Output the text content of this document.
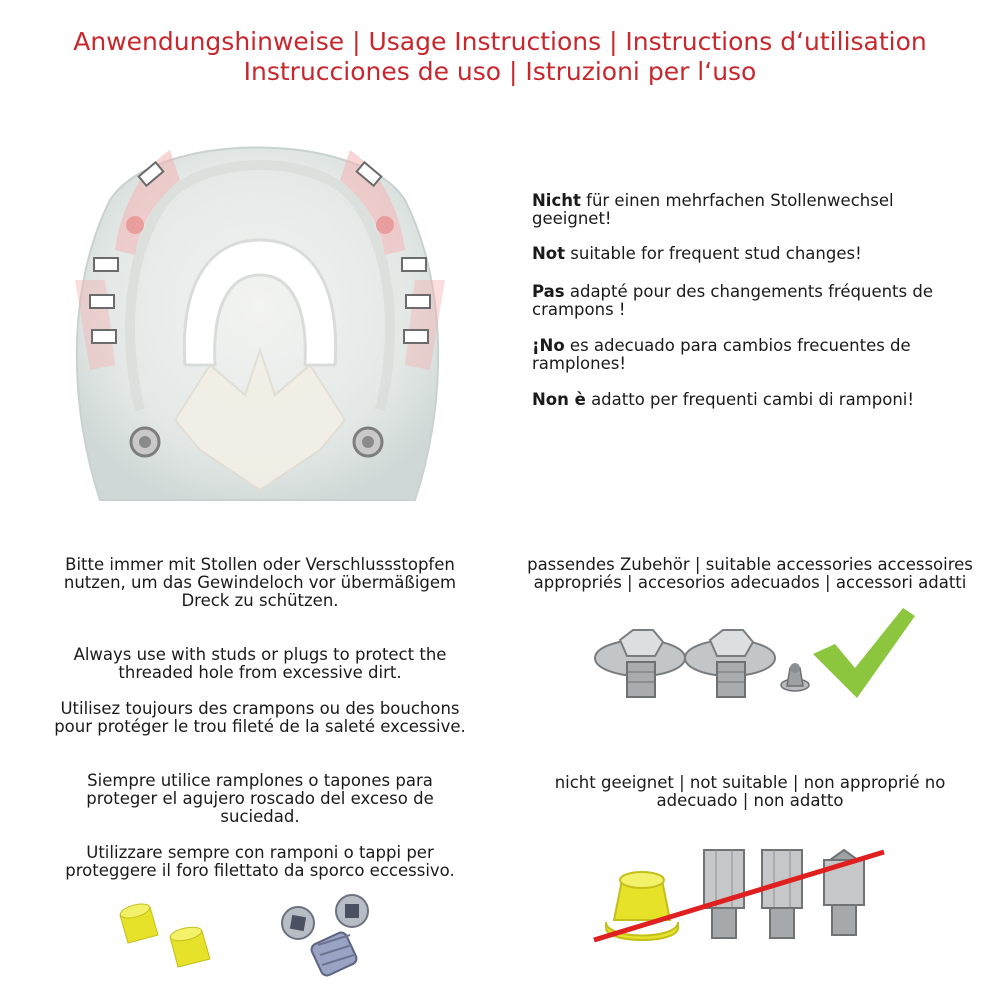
Anwendungshinweise | Usage Instructions | Instructions d‘utilisation
Instrucciones de uso | Istruzioni per l‘uso
Nicht für einen mehrfachen Stollenwechsel geeignet!
Not suitable for frequent stud changes!
Pas adapté pour des changements fréquents de crampons !
¡No es adecuado para cambios frecuentes de ramplones!
Non è adatto per frequenti cambi di ramponi!
Bitte immer mit Stollen oder Verschlussstopfen nutzen, um das Gewindeloch vor übermäßigem Dreck zu schützen.
Always use with studs or plugs to protect the threaded hole from excessive dirt.
Utilisez toujours des crampons ou des bouchons pour protéger le trou fileté de la saleté excessive.
Siempre utilice ramplones o tapones para proteger el agujero roscado del exceso de suciedad.
Utilizzare sempre con ramponi o tappi per proteggere il foro filettato da sporco eccessivo.
passendes Zubehör | suitable accessories accessoires appropriés | accesorios adecuados | accessori adatti
nicht geeignet | not suitable | non approprié no adecuado | non adatto
